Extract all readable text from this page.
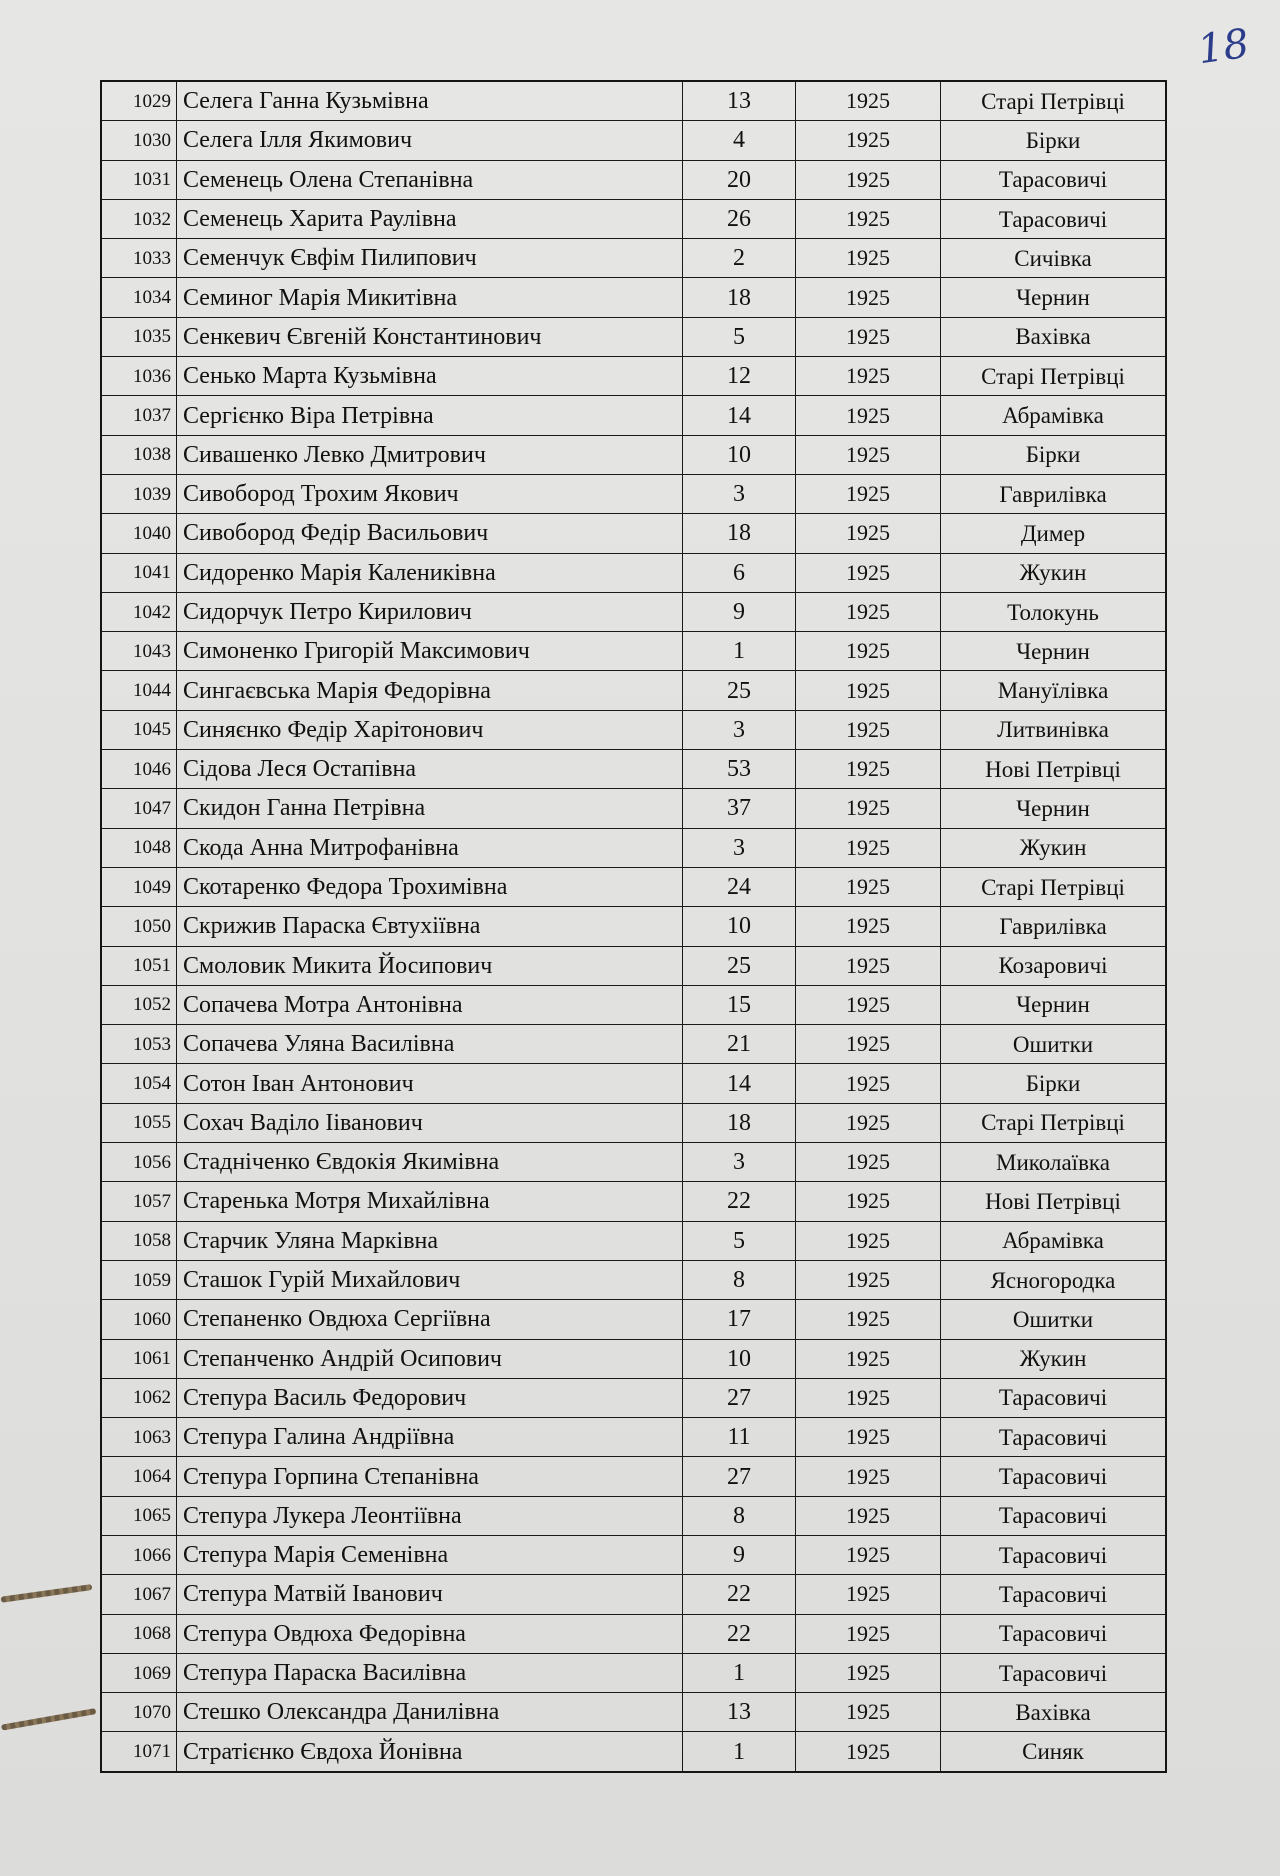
18
1029	Селега Ганна Кузьмівна	13	1925	Старі Петрівці
1030	Селега Ілля Якимович	4	1925	Бірки
1031	Семенець Олена Степанівна	20	1925	Тарасовичі
1032	Семенець Харита Раулівна	26	1925	Тарасовичі
1033	Семенчук Євфім Пилипович	2	1925	Сичівка
1034	Семиног Марія Микитівна	18	1925	Чернин
1035	Сенкевич Євгеній Константинович	5	1925	Вахівка
1036	Сенько Марта Кузьмівна	12	1925	Старі Петрівці
1037	Сергієнко Віра Петрівна	14	1925	Абрамівка
1038	Сивашенко Левко Дмитрович	10	1925	Бірки
1039	Сивобород Трохим Якович	3	1925	Гаврилівка
1040	Сивобород Федір Васильович	18	1925	Димер
1041	Сидоренко Марія Калениківна	6	1925	Жукин
1042	Сидорчук Петро Кирилович	9	1925	Толокунь
1043	Симоненко Григорій Максимович	1	1925	Чернин
1044	Сингаєвська Марія Федорівна	25	1925	Мануїлівка
1045	Синяєнко Федір Харітонович	3	1925	Литвинівка
1046	Сідова Леся Остапівна	53	1925	Нові Петрівці
1047	Скидон Ганна Петрівна	37	1925	Чернин
1048	Скода Анна Митрофанівна	3	1925	Жукин
1049	Скотаренко Федора Трохимівна	24	1925	Старі Петрівці
1050	Скрижив Параска Євтухіївна	10	1925	Гаврилівка
1051	Смоловик Микита Йосипович	25	1925	Козаровичі
1052	Сопачева Мотра Антонівна	15	1925	Чернин
1053	Сопачева Уляна Василівна	21	1925	Ошитки
1054	Сотон Іван Антонович	14	1925	Бірки
1055	Сохач Ваділо Ііванович	18	1925	Старі Петрівці
1056	Стадніченко Євдокія Якимівна	3	1925	Миколаївка
1057	Старенька Мотря Михайлівна	22	1925	Нові Петрівці
1058	Старчик Уляна Марківна	5	1925	Абрамівка
1059	Сташок Гурій Михайлович	8	1925	Ясногородка
1060	Степаненко Овдюха Сергіївна	17	1925	Ошитки
1061	Степанченко Андрій Осипович	10	1925	Жукин
1062	Степура Василь Федорович	27	1925	Тарасовичі
1063	Степура Галина Андріївна	11	1925	Тарасовичі
1064	Степура Горпина Степанівна	27	1925	Тарасовичі
1065	Степура Лукера Леонтіївна	8	1925	Тарасовичі
1066	Степура Марія Семенівна	9	1925	Тарасовичі
1067	Степура Матвій Іванович	22	1925	Тарасовичі
1068	Степура Овдюха Федорівна	22	1925	Тарасовичі
1069	Степура Параска Василівна	1	1925	Тарасовичі
1070	Стешко Олександра Данилівна	13	1925	Вахівка
1071	Стратієнко Євдоха Йонівна	1	1925	Синяк
